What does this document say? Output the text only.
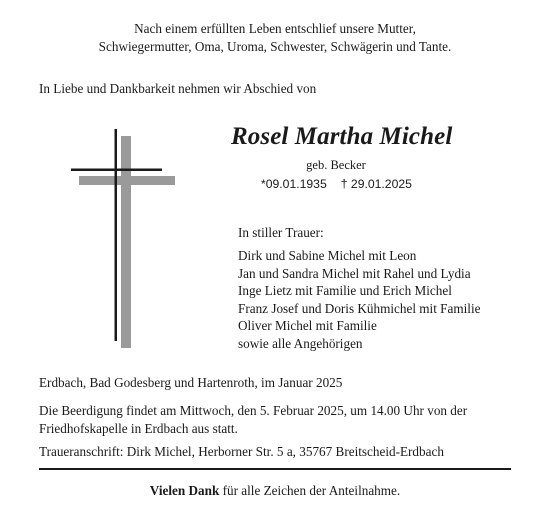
Nach einem erfüllten Leben entschlief unsere Mutter,
Schwiegermutter, Oma, Uroma, Schwester, Schwägerin und Tante.
In Liebe und Dankbarkeit nehmen wir Abschied von
Rosel Martha Michel
geb. Becker
*09.01.1935 † 29.01.2025
In stiller Trauer:
Dirk und Sabine Michel mit Leon
Jan und Sandra Michel mit Rahel und Lydia
Inge Lietz mit Familie und Erich Michel
Franz Josef und Doris Kühmichel mit Familie
Oliver Michel mit Familie
sowie alle Angehörigen
Erdbach, Bad Godesberg und Hartenroth, im Januar 2025
Die Beerdigung findet am Mittwoch, den 5. Februar 2025, um 14.00 Uhr von der
Friedhofskapelle in Erdbach aus statt.
Traueranschrift: Dirk Michel, Herborner Str. 5 a, 35767 Breitscheid-Erdbach
Vielen Dank für alle Zeichen der Anteilnahme.
